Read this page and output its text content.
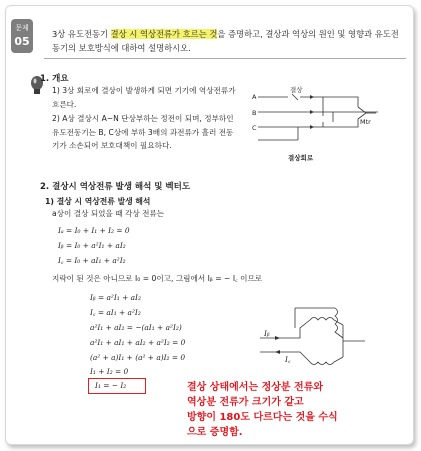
문제
05
3상 유도전동기 결상 시 역상전류가 흐르는 것을 증명하고, 결상과 역상의 원인 및 영향과 유도전동기의 보호방식에 대하여 설명하시오.
1. 개요
1) 3상 회로에 결상이 발생하게 되면 기기에 역상전류가 흐른다.
2) A상 결상시 A−N 단상부하는 정전이 되며, 정부하인 유도전동기는 B, C상에 부하 3배의 과전류가 흘러 전동기가 소손되어 보호대책이 필요하다.
A
B
C
결상
Mtr
결상회로
2. 결상시 역상전류 발생 해석 및 벡터도
1) 결상 시 역상전류 발생 해석
a상이 결상 되었을 때 각상 전류는
Iₐ = I₀ + I₁ + I₂ = 0
Iᵦ = I₀ + a²I₁ + aI₂
I꜀ = I₀ + aI₁ + a²I₂
지락이 된 것은 아니므로 I₀ = 0이고, 그림에서 Iᵦ = − I꜀ 이므로
Iᵦ = a²I₁ + aI₂
I꜀ = aI₁ + a²I₂
a²I₁ + aI₂ = −(aI₁ + a²I₂)
a²I₁ + aI₁ + aI₂ + a²I₂ = 0
(a² + a)I₁ + (a² + a)I₂ = 0
I₁ + I₂ = 0
I₁ = − I₂
Iᵦ
I꜀
결상 상태에서는 정상분 전류와
역상분 전류가 크기가 같고
방향이 180도 다르다는 것을 수식
으로 증명함.
